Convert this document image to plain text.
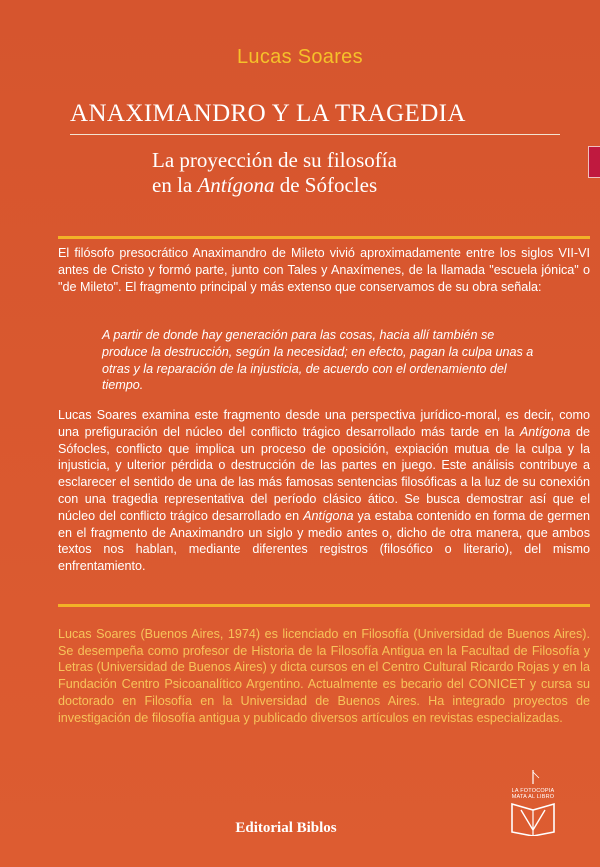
Lucas Soares
ANAXIMANDRO Y LA TRAGEDIA
La proyección de su filosofía
en la Antígona de Sófocles

El filósofo presocrático Anaximandro de Mileto vivió aproximadamente entre los siglos VII-VI antes de Cristo y formó parte, junto con Tales y Anaxímenes, de la llamada "escuela jónica" o "de Mileto". El fragmento principal y más extenso que conservamos de su obra señala:

A partir de donde hay generación para las cosas, hacia allí también se produce la destrucción, según la necesidad; en efecto, pagan la culpa unas a otras y la reparación de la injusticia, de acuerdo con el ordenamiento del tiempo.

Lucas Soares examina este fragmento desde una perspectiva jurídico-moral, es decir, como una prefiguración del núcleo del conflicto trágico desarrollado más tarde en la Antígona de Sófocles, conflicto que implica un proceso de oposición, expiación mutua de la culpa y la injusticia, y ulterior pérdida o destrucción de las partes en juego. Este análisis contribuye a esclarecer el sentido de una de las más famosas sentencias filosóficas a la luz de su conexión con una tragedia representativa del período clásico ático. Se busca demostrar así que el núcleo del conflicto trágico desarrollado en Antígona ya estaba contenido en forma de germen en el fragmento de Anaximandro un siglo y medio antes o, dicho de otra manera, que ambos textos nos hablan, mediante diferentes registros (filosófico o literario), del mismo enfrentamiento.

Lucas Soares (Buenos Aires, 1974) es licenciado en Filosofía (Universidad de Buenos Aires). Se desempeña como profesor de Historia de la Filosofía Antigua en la Facultad de Filosofía y Letras (Universidad de Buenos Aires) y dicta cursos en el Centro Cultural Ricardo Rojas y en la Fundación Centro Psicoanalítico Argentino. Actualmente es becario del CONICET y cursa su doctorado en Filosofía en la Universidad de Buenos Aires. Ha integrado proyectos de investigación de filosofía antigua y publicado diversos artículos en revistas especializadas.
LA FOTOCOPIA
MATA AL LIBRO
Editorial Biblos
